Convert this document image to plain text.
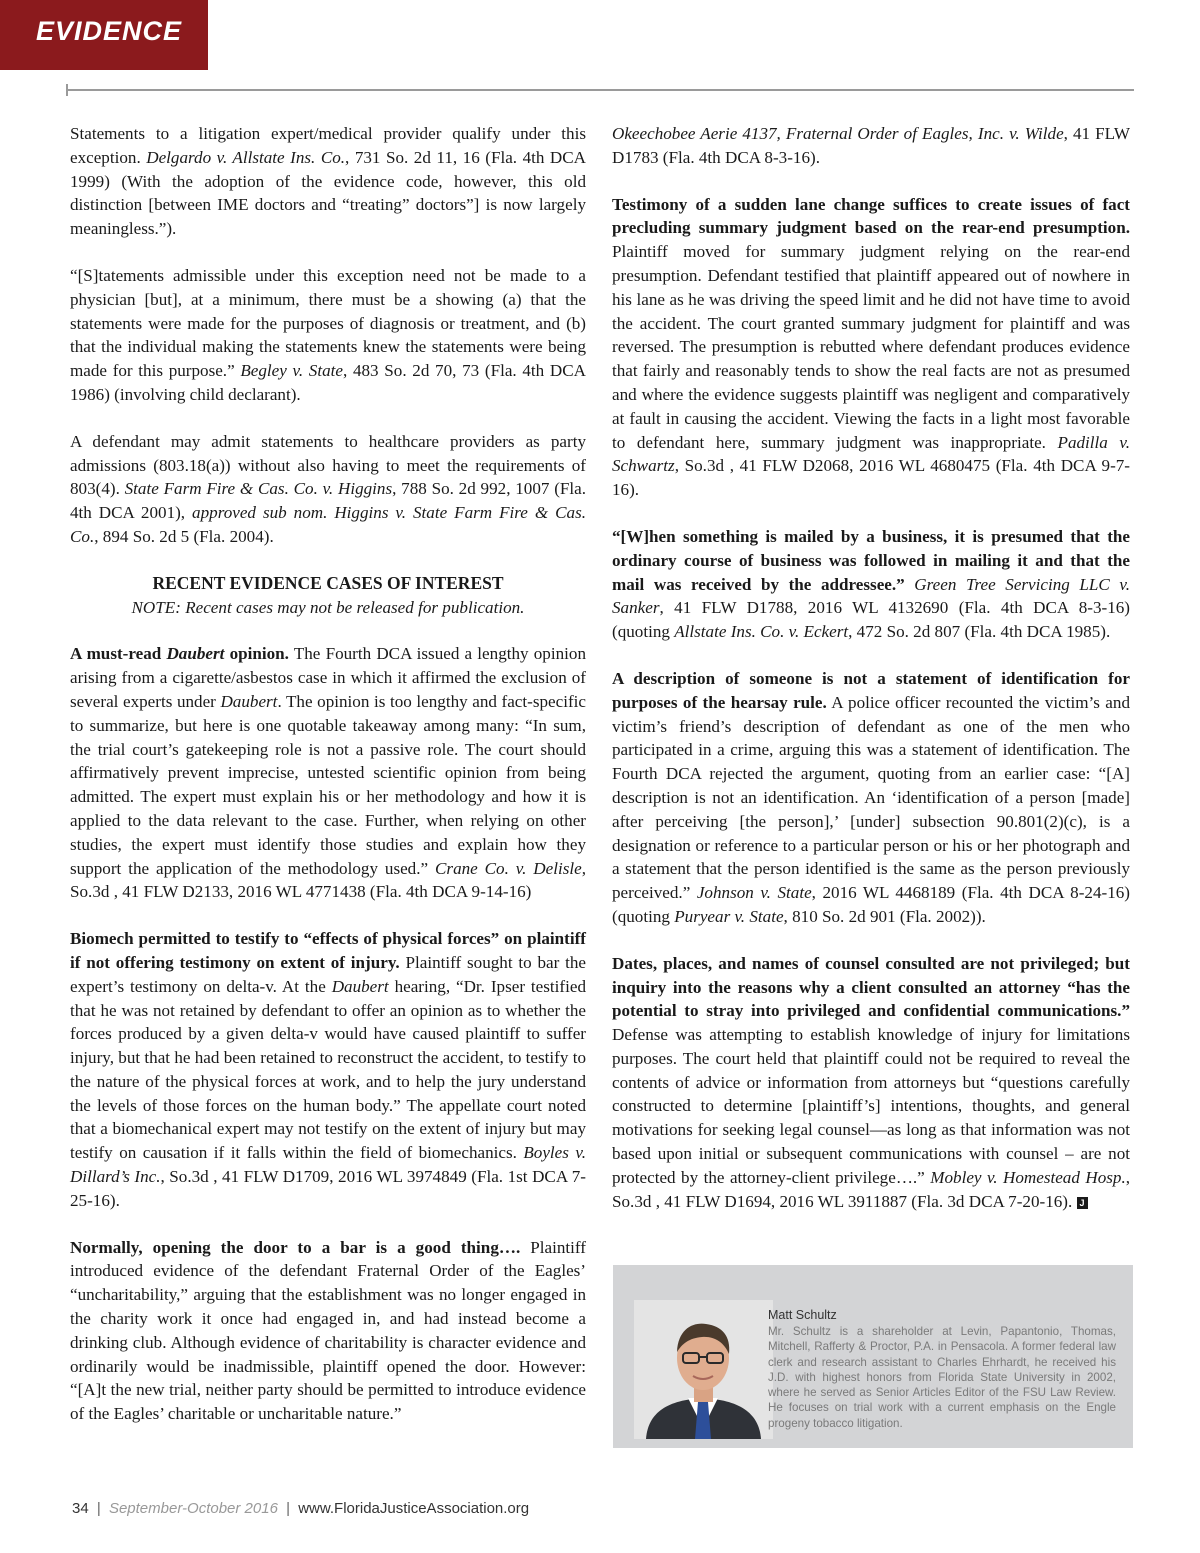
EVIDENCE

Statements to a litigation expert/medical provider qualify under this exception. Delgardo v. Allstate Ins. Co., 731 So. 2d 11, 16 (Fla. 4th DCA 1999) (With the adoption of the evidence code, however, this old distinction [between IME doctors and “treating” doctors”] is now largely meaningless.”).

“[S]tatements admissible under this exception need not be made to a physician [but], at a minimum, there must be a showing (a) that the statements were made for the purposes of diagnosis or treatment, and (b) that the individual making the statements knew the statements were being made for this purpose.” Begley v. State, 483 So. 2d 70, 73 (Fla. 4th DCA 1986) (involving child declarant).

A defendant may admit statements to healthcare providers as party admissions (803.18(a)) without also having to meet the requirements of 803(4). State Farm Fire & Cas. Co. v. Higgins, 788 So. 2d 992, 1007 (Fla. 4th DCA 2001), approved sub nom. Higgins v. State Farm Fire & Cas. Co., 894 So. 2d 5 (Fla. 2004).

RECENT EVIDENCE CASES OF INTEREST

NOTE: Recent cases may not be released for publication.

A must-read Daubert opinion. The Fourth DCA issued a lengthy opinion arising from a cigarette/asbestos case in which it affirmed the exclusion of several experts under Daubert. The opinion is too lengthy and fact-specific to summarize, but here is one quotable takeaway among many: “In sum, the trial court’s gatekeeping role is not a passive role. The court should affirmatively prevent imprecise, untested scientific opinion from being admitted. The expert must explain his or her methodology and how it is applied to the data relevant to the case. Further, when relying on other studies, the expert must identify those studies and explain how they support the application of the methodology used.” Crane Co. v. Delisle, So.3d , 41 FLW D2133, 2016 WL 4771438 (Fla. 4th DCA 9-14-16)

Biomech permitted to testify to “effects of physical forces” on plaintiff if not offering testimony on extent of injury. Plaintiff sought to bar the expert’s testimony on delta-v. At the Daubert hearing, “Dr. Ipser testified that he was not retained by defendant to offer an opinion as to whether the forces produced by a given delta-v would have caused plaintiff to suffer injury, but that he had been retained to reconstruct the accident, to testify to the nature of the physical forces at work, and to help the jury understand the levels of those forces on the human body.” The appellate court noted that a biomechanical expert may not testify on the extent of injury but may testify on causation if it falls within the field of biomechanics. Boyles v. Dillard’s Inc., So.3d , 41 FLW D1709, 2016 WL 3974849 (Fla. 1st DCA 7-25-16).

Normally, opening the door to a bar is a good thing…. Plaintiff introduced evidence of the defendant Fraternal Order of the Eagles’ “uncharitability,” arguing that the establishment was no longer engaged in the charity work it once had engaged in, and had instead become a drinking club. Although evidence of charitability is character evidence and ordinarily would be inadmissible, plaintiff opened the door. However: “[A]t the new trial, neither party should be permitted to introduce evidence of the Eagles’ charitable or uncharitable nature.”

Okeechobee Aerie 4137, Fraternal Order of Eagles, Inc. v. Wilde, 41 FLW D1783 (Fla. 4th DCA 8-3-16).

Testimony of a sudden lane change suffices to create issues of fact precluding summary judgment based on the rear-end presumption. Plaintiff moved for summary judgment relying on the rear-end presumption. Defendant testified that plaintiff appeared out of nowhere in his lane as he was driving the speed limit and he did not have time to avoid the accident. The court granted summary judgment for plaintiff and was reversed. The presumption is rebutted where defendant produces evidence that fairly and reasonably tends to show the real facts are not as presumed and where the evidence suggests plaintiff was negligent and comparatively at fault in causing the accident. Viewing the facts in a light most favorable to defendant here, summary judgment was inappropriate. Padilla v. Schwartz, So.3d , 41 FLW D2068, 2016 WL 4680475 (Fla. 4th DCA 9-7-16).

“[W]hen something is mailed by a business, it is presumed that the ordinary course of business was followed in mailing it and that the mail was received by the addressee.” Green Tree Servicing LLC v. Sanker, 41 FLW D1788, 2016 WL 4132690 (Fla. 4th DCA 8-3-16) (quoting Allstate Ins. Co. v. Eckert, 472 So. 2d 807 (Fla. 4th DCA 1985).

A description of someone is not a statement of identification for purposes of the hearsay rule. A police officer recounted the victim’s and victim’s friend’s description of defendant as one of the men who participated in a crime, arguing this was a statement of identification. The Fourth DCA rejected the argument, quoting from an earlier case: “[A] description is not an identification. An ‘identification of a person [made] after perceiving [the person],’ [under] subsection 90.801(2)(c), is a designation or reference to a particular person or his or her photograph and a statement that the person identified is the same as the person previously perceived.” Johnson v. State, 2016 WL 4468189 (Fla. 4th DCA 8-24-16) (quoting Puryear v. State, 810 So. 2d 901 (Fla. 2002)).

Dates, places, and names of counsel consulted are not privileged; but inquiry into the reasons why a client consulted an attorney “has the potential to stray into privileged and confidential communications.” Defense was attempting to establish knowledge of injury for limitations purposes. The court held that plaintiff could not be required to reveal the contents of advice or information from attorneys but “questions carefully constructed to determine [plaintiff’s] intentions, thoughts, and general motivations for seeking legal counsel—as long as that information was not based upon initial or subsequent communications with counsel – are not protected by the attorney-client privilege….” Mobley v. Homestead Hosp., So.3d , 41 FLW D1694, 2016 WL 3911887 (Fla. 3d DCA 7-20-16). J

Matt Schultz
Mr. Schultz is a shareholder at Levin, Papantonio, Thomas, Mitchell, Rafferty & Proctor, P.A. in Pensacola. A former federal law clerk and research assistant to Charles Ehrhardt, he received his J.D. with highest honors from Florida State University in 2002, where he served as Senior Articles Editor of the FSU Law Review. He focuses on trial work with a current emphasis on the Engle progeny tobacco litigation.
34 | September-October 2016 | www.FloridaJusticeAssociation.org
